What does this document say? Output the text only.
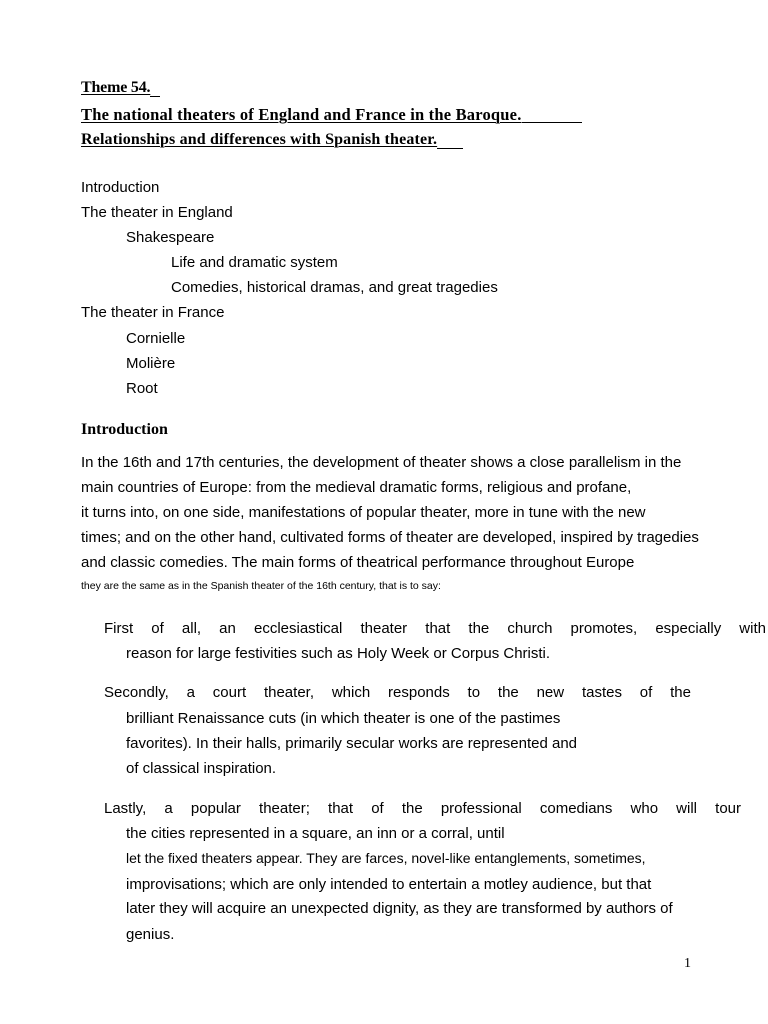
Theme 54.
The national theaters of England and France in the Baroque.
Relationships and differences with Spanish theater.
Introduction
The theater in England
Shakespeare
Life and dramatic system
Comedies, historical dramas, and great tragedies
The theater in France
Cornielle
Molière
Root
Introduction
In the 16th and 17th centuries, the development of theater shows a close parallelism in the
main countries of Europe: from the medieval dramatic forms, religious and profane,
it turns into, on one side, manifestations of popular theater, more in tune with the new
times; and on the other hand, cultivated forms of theater are developed, inspired by tragedies
and classic comedies. The main forms of theatrical performance throughout Europe
they are the same as in the Spanish theater of the 16th century, that is to say:
First of all, an ecclesiastical theater that the church promotes, especially with
reason for large festivities such as Holy Week or Corpus Christi.
Secondly, a court theater, which responds to the new tastes of the
brilliant Renaissance cuts (in which theater is one of the pastimes
favorites). In their halls, primarily secular works are represented and
of classical inspiration.
Lastly, a popular theater; that of the professional comedians who will tour
the cities represented in a square, an inn or a corral, until
let the fixed theaters appear. They are farces, novel-like entanglements, sometimes,
improvisations; which are only intended to entertain a motley audience, but that
later they will acquire an unexpected dignity, as they are transformed by authors of
genius.
1
